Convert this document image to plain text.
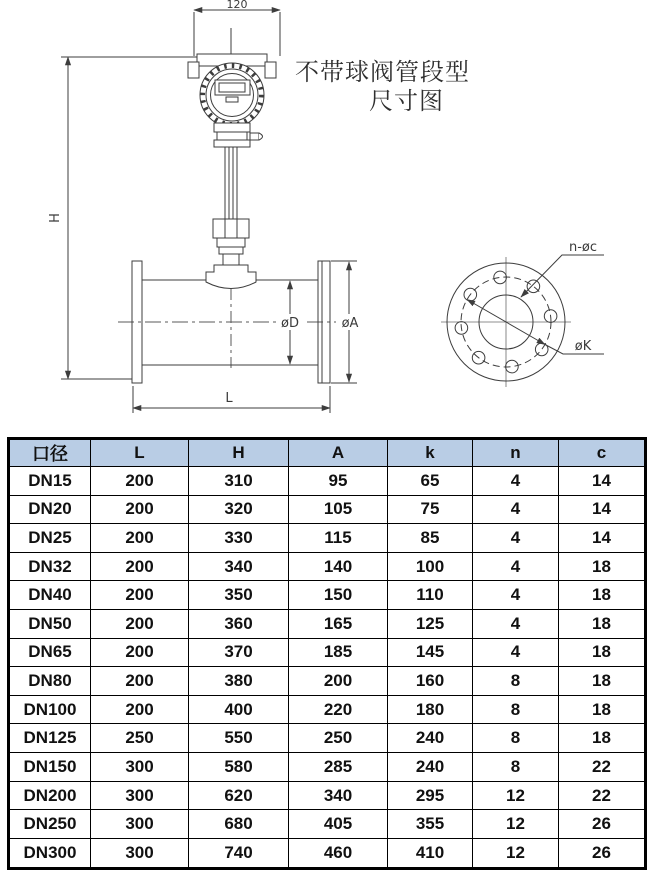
120
H
øD	øA
L
n-øc
øK
不带球阀管段型
尺寸图
口径	L	H	A	k	n	c
DN15	200	310	95	65	4	14
DN20	200	320	105	75	4	14
DN25	200	330	115	85	4	14
DN32	200	340	140	100	4	18
DN40	200	350	150	110	4	18
DN50	200	360	165	125	4	18
DN65	200	370	185	145	4	18
DN80	200	380	200	160	8	18
DN100	200	400	220	180	8	18
DN125	250	550	250	240	8	18
DN150	300	580	285	240	8	22
DN200	300	620	340	295	12	22
DN250	300	680	405	355	12	26
DN300	300	740	460	410	12	26
